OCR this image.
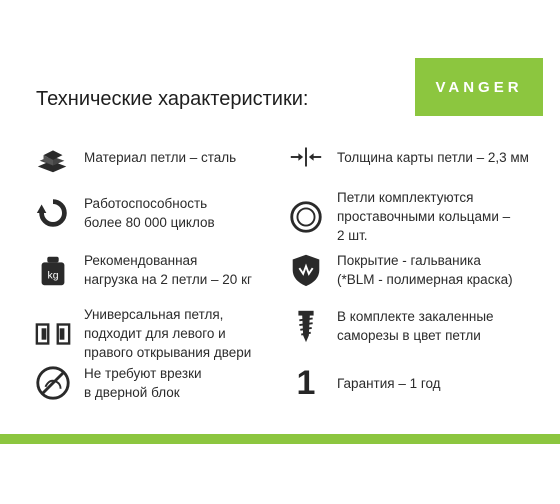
VANGER
Технические характеристики:
Материал петли – сталь
Работоспособность
более 80 000 циклов
kg
Рекомендованная
нагрузка на 2 петли – 20 кг
Универсальная петля,
подходит для левого и
правого открывания двери
Не требуют врезки
в дверной блок
Толщина карты петли – 2,3 мм
Петли комплектуются
проставочными кольцами –
2 шт.
Покрытие - гальваника
(*BLM - полимерная краска)
В комплекте закаленные
саморезы в цвет петли
1	Гарантия – 1 год
